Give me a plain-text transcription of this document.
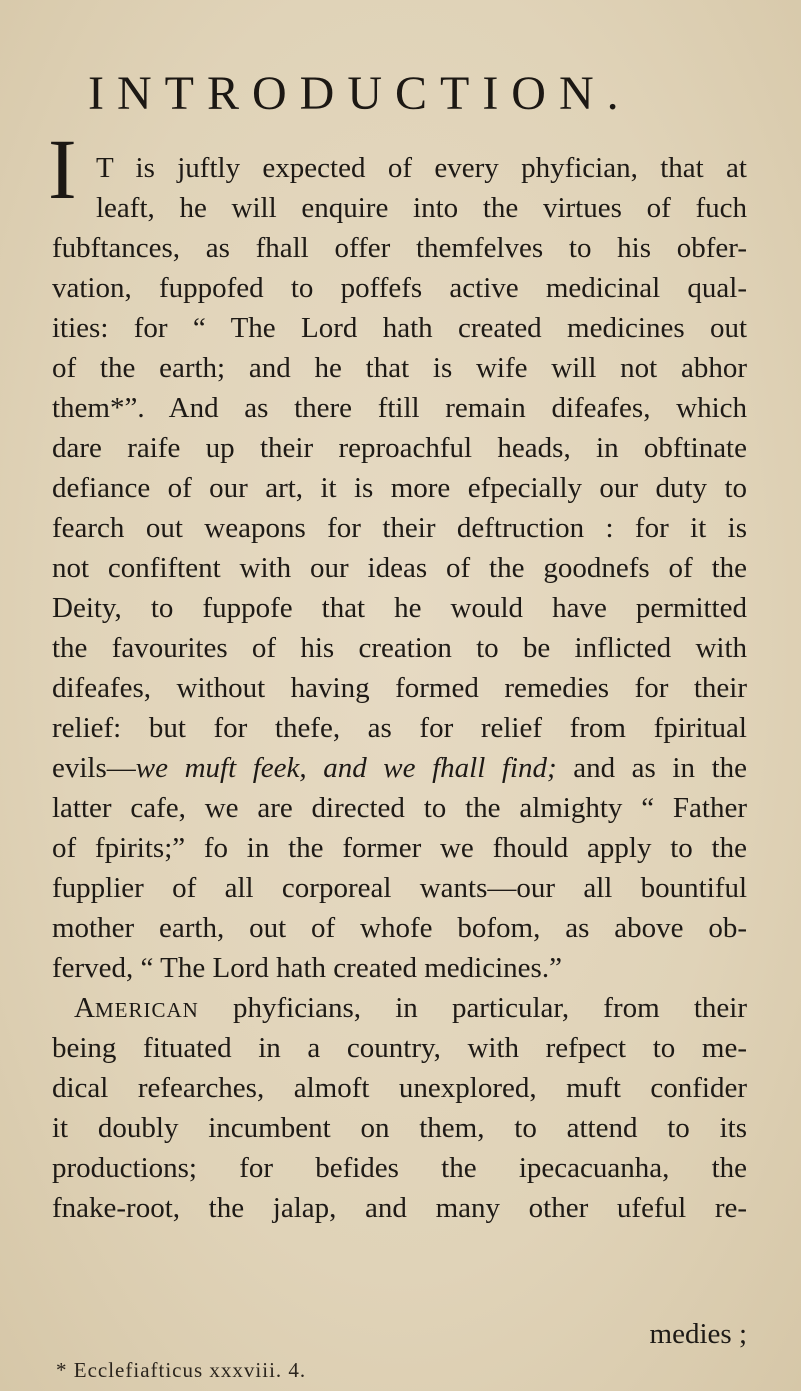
INTRODUCTION.
I T is juftly expected of every phyfician, that at
leaft, he will enquire into the virtues of fuch
fubftances, as fhall offer themfelves to his obfer-
vation, fuppofed to poffefs active medicinal qual-
ities: for “ The Lord hath created medicines out
of the earth; and he that is wife will not abhor
them*”. And as there ftill remain difeafes, which
dare raife up their reproachful heads, in obftinate
defiance of our art, it is more efpecially our duty to
fearch out weapons for their deftruction : for it is
not confiftent with our ideas of the goodnefs of the
Deity, to fuppofe that he would have permitted
the favourites of his creation to be inflicted with
difeafes, without having formed remedies for their
relief: but for thefe, as for relief from fpiritual
evils—we muft feek, and we fhall find; and as in the
latter cafe, we are directed to the almighty “ Father
of fpirits;” fo in the former we fhould apply to the
fupplier of all corporeal wants—our all bountiful
mother earth, out of whofe bofom, as above ob-
ferved, “ The Lord hath created medicines.”
AMERICAN phyficians, in particular, from their
being fituated in a country, with refpect to me-
dical refearches, almoft unexplored, muft confider
it doubly incumbent on them, to attend to its
productions; for befides the ipecacuanha, the
fnake-root, the jalap, and many other ufeful re-
medies ;
* Ecclefiafticus xxxviii. 4.
